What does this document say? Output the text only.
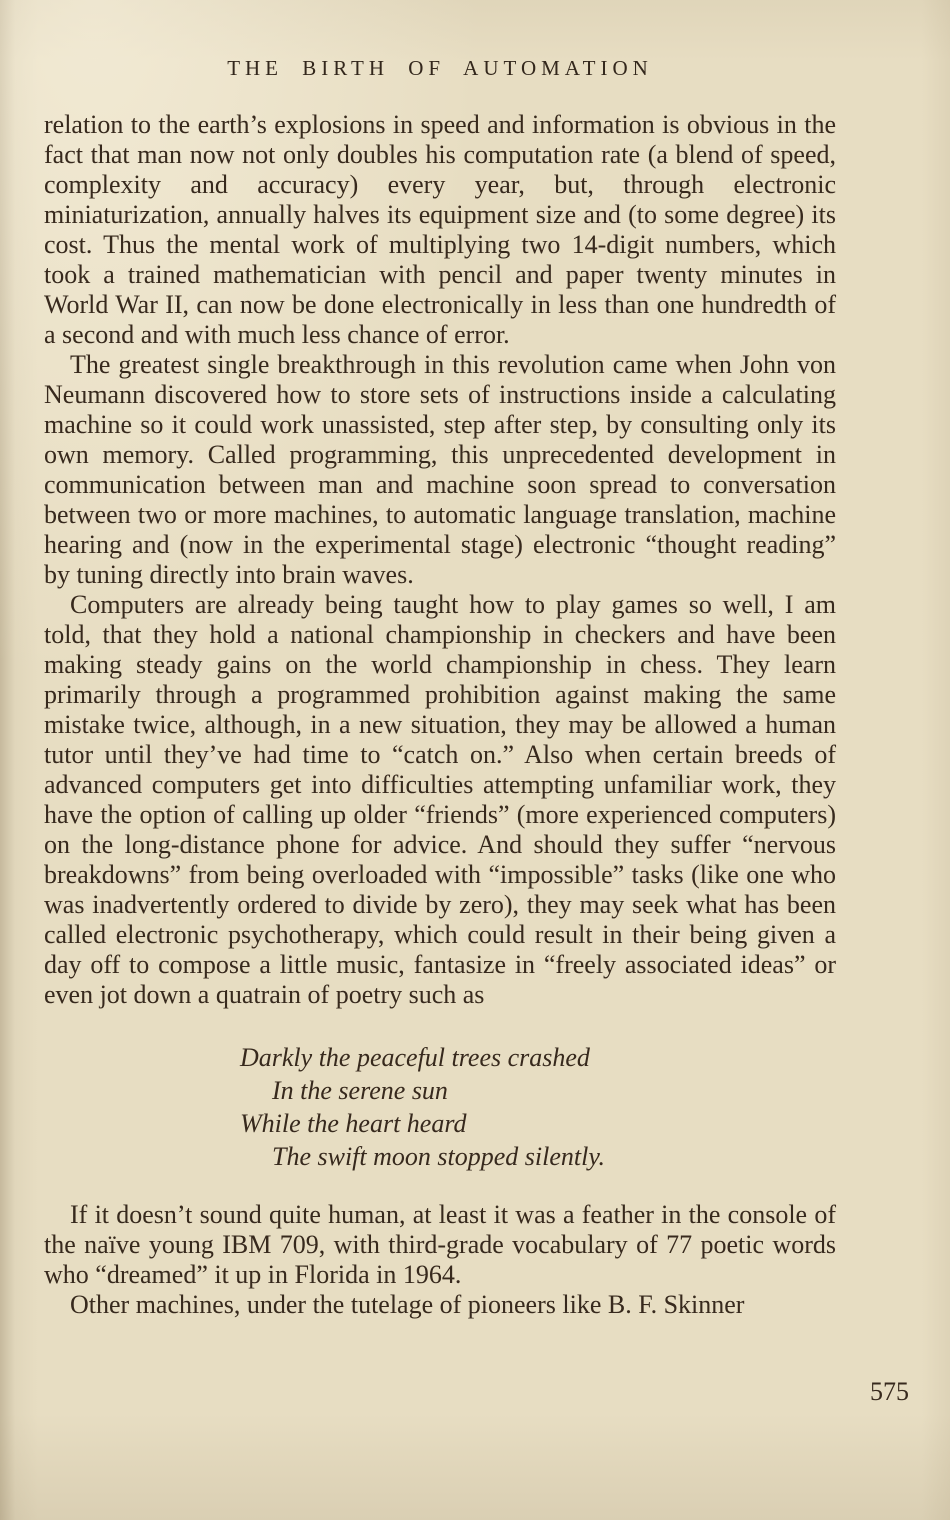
THE BIRTH OF AUTOMATION

relation to the earth’s explosions in speed and information is obvious in the fact that man now not only doubles his computation rate (a blend of speed, complexity and accuracy) every year, but, through electronic miniaturization, annually halves its equipment size and (to some degree) its cost. Thus the mental work of multiplying two 14-digit numbers, which took a trained mathematician with pencil and paper twenty minutes in World War II, can now be done electronically in less than one hundredth of a second and with much less chance of error.

The greatest single breakthrough in this revolution came when John von Neumann discovered how to store sets of instructions inside a calculating machine so it could work unassisted, step after step, by consulting only its own memory. Called programming, this unprecedented development in communication between man and machine soon spread to conversation between two or more machines, to automatic language translation, machine hearing and (now in the experimental stage) electronic “thought reading” by tuning directly into brain waves.

Computers are already being taught how to play games so well, I am told, that they hold a national championship in checkers and have been making steady gains on the world championship in chess. They learn primarily through a programmed prohibition against making the same mistake twice, although, in a new situation, they may be allowed a human tutor until they’ve had time to “catch on.” Also when certain breeds of advanced computers get into difficulties attempting unfamiliar work, they have the option of calling up older “friends” (more experienced computers) on the long-distance phone for advice. And should they suffer “nervous breakdowns” from being overloaded with “impossible” tasks (like one who was inadvertently ordered to divide by zero), they may seek what has been called electronic psychotherapy, which could result in their being given a day off to compose a little music, fantasize in “freely associated ideas” or even jot down a quatrain of poetry such as

Darkly the peaceful trees crashed
In the serene sun
While the heart heard
The swift moon stopped silently.

If it doesn’t sound quite human, at least it was a feather in the console of the naïve young IBM 709, with third-grade vocabulary of 77 poetic words who “dreamed” it up in Florida in 1964.

Other machines, under the tutelage of pioneers like B. F. Skinner

575
